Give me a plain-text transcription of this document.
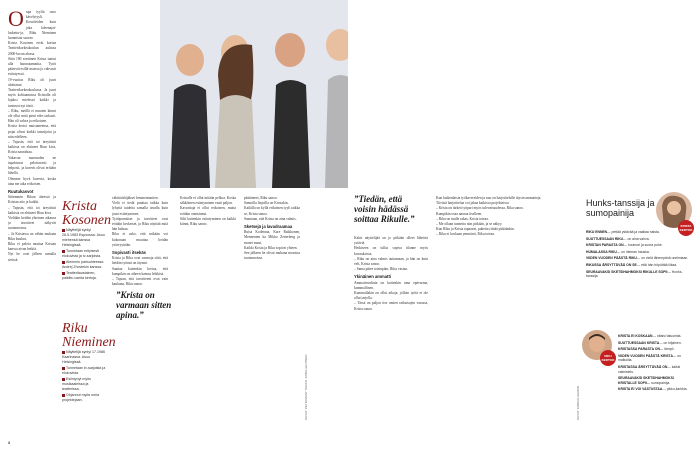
O npa tyyliä outo kävelytyyli. Kostoleiden kuin joka laleenajat-laskettu-ja, Riku Nieminen luonnistui suoraa

Krista Kosonen eivät kortua Teatterikorkeakoulun aulassa 2000-luvun alussa.

Siitä 180 senttinen Krista tuntui alla huonoaamattia. Tytöt pääsivät esillä-asiassa jo vahvasti esiintyessä.

19-vuotias Riku oli juuri aloittanut Teatterikorkeakoulussa. Ja juuri myös kohtaamassa Kristalla oli lajuksi mielessä kaikki ja tuntuvat nyt tästä.

– Riku, meillä ei muuten kiinni ole ollut mitä pieni edes tarkasti. Hän oli vahva ja erikoinen.

Krista kertoi muistaneensa, että pojat olivat kaikki tanssijoita ja niin edelleen.

– Tajusin, että toi äreyttäsit kaikista on ehtineet Riun kiva, Krista naurahtaa.

Vakavan nuoruuden ne tapahtuvat pelottavasti ja helposti, ja kaverit olivat erittäin lähellä.

Olemme hyvä kaveria, koska aina me aika erikoisen.

Ruutukasvot

Sittemmin Rikun ääressä ja Kristan aito ja kaikki.

– Tajusin, että toi äreyttäsit kaikista on ehtineet Riun kiva.

Vieläkin heidän yhteinen aikansa ja tavoitteet näkyvät tuotannoissa.

– Ja Kristassa on vähän mukana Riku kuuluu.

Riku ei pelota nauttaa Kristan kanssa aivan hetkiä.

Nyt he ovat jälleen samalla setissä.

Krista Kosonen
Näyttelijä syntyi 28.5.1983 Espoossa. Asuu miehensä kanssa Helsingissä.
Tunnetaan erityisesti elokuvista ja tv-sarjoista.
Aiemmin parisuhteessa Andrej Zhovlekin kanssa.
Teatteritaustainen, palkittu useita kertoja.
Riku Nieminen
Näyttelijä syntyi 17.1986 Kaarinassa. Asuu Helsingissä.
Tunnetaan tv-sarjoista ja elokuvista.
Esiintynyt myös musikaaleissa ja teatterissa.
Ohjannut myös omia projektejaan.

vähittäisläjäkset lemmentuntien.

Vielä ei tiedä puuttaa taikka kuin lyhyitä taidetta samalla tavalla kuin juuri esiintyminen.

Tyttöpomäiset ja tavoitteet ovat erittäin keskeiset, ja Riku näyttää mitä hän haluaa.

Riku ei usko, että mikään voi kokonaan muuttaa heidän ystävyyttään.

Sopivasti itsekäs

Krista ja Riku ovat varmoja siitä, että heidän työnsä on täynnä.

Saattaa kuitenkin kertoa, että kumpikin on aiheen kanssa leikkisä.

– Tajuan, että tavoitteeni ovat vain kaukana, Riku sanoo.

”Krista on varmaan sitten apina.”

Kristalle ei ollut mitään pelkoa. Koska sähköinen esiintyminen vaati paljon.

Kasvattaja ei ollut erikoinen, mutta erittäin onnistunut.

Silti kuitenkin esiintyminen on kaikki kiinni, Riku sanoo.

päättäneet, Riku sanoo.

Samoilla linjoilla on Kristakin.

Kaikilla on kyllä erikoinen tyyli taikka se, Krista sanoo.

Sanotaan, että Krista on aina valmis.

Sketsejä ja lavadraamaa

Ruisa Kodeinaa, Kare Raikkonen, Mennenten ka Mikko Zetterberg ja monet muut.

Kaikki Krista ja Riku sopivat yhteen.

Sen jälkeen he olivat mukana monissa tuotannoissa.

KUVAT: PETRI MAST TEKSTI: ANNA LEHTINEN
8
”Tiedän, että voisin hädässä soittaa Rikulle.”

Kaksi näyttelijää on jo pitkään olleet läheisiä ystäviä.

Hetkiseen on tullut sopiva tilanne myös kuvauksissa.

– Riku on aina valmis auttamaan, ja hän on kuin veli, Krista sanoo.

– Sama pätee toisinpäin, Riku vastaa.

Ykinäinen ammatti

Ammatinvalinta on kuitenkin aina epävarma, kummallinen.

Kummallakin on ollut aikoja, jolloin työtä ei ole ollut tarjolla.

– Tässä on paljon itse omien ratkaisujen varassa, Krista sanoo.

Kun kaikenlaisia työkavereiden ja nuo on harjoittelulle täysin ammatteja.

Tiivistä harjoittelua voi jakaa kaikissa projekteissa.

– Krista on tärkeä työpari myös tulevaisuudessa, Riku sanoo.

Kumpikin osaa nauraa itselleen.

– Riku on mulle rakas, Krista toteaa.

– Me ollaan tunnettu niin pitkään, ja se näkyy.

Kun Riku ja Krista tapaavat, puhetta riittää pitkäänkin.

– Riku ei koskaan ymmärrä, Riku toteaa.

KUVAT: KIRSI KUHLMAN
Hunks-tanssija ja sumopainija
KRISTA KERTOO
RIKU ENNEN… pettää ystävää ja vaaliaa naista.
SUUTTUESSAAN RIKU… on aina vahva.
KRISTAN PARASTA ON… huumori ja suora puhe.
HUMALASSA RIKU… on hieman hauska.
VIIDEN VUODEN PÄÄSTÄ RIKU… on vielä lähempänä unelmiaan.
RIKUSSA ÄRSYTTÄVÄÄ ON SE… että hän höpöttää liikaa.
SEURAAVAKSI SKETSIHAHMOKSI RIKULLE SOPII… Hunks-tanssija.
RIKU KERTOO
KRISTA EI KOSKAAN… ottaisi tatuointia.
SUUTTUESSAAN KRISTA… on hiljainen.
KRISTASSA PARASTA ON… lämpö.
VIIDEN VUODEN PÄÄSTÄ KRISTA… on matkoilla.
KRISTASSA ÄRSYTTÄVÄÄ ON… kaikki valmistelu.
SEURAAVAKSI SKETSIHAHMOKSI KRISTALLE SOPII… sumopainija.
KRISTA EI VOI VASTUSTAA… pikku-karkkia.
